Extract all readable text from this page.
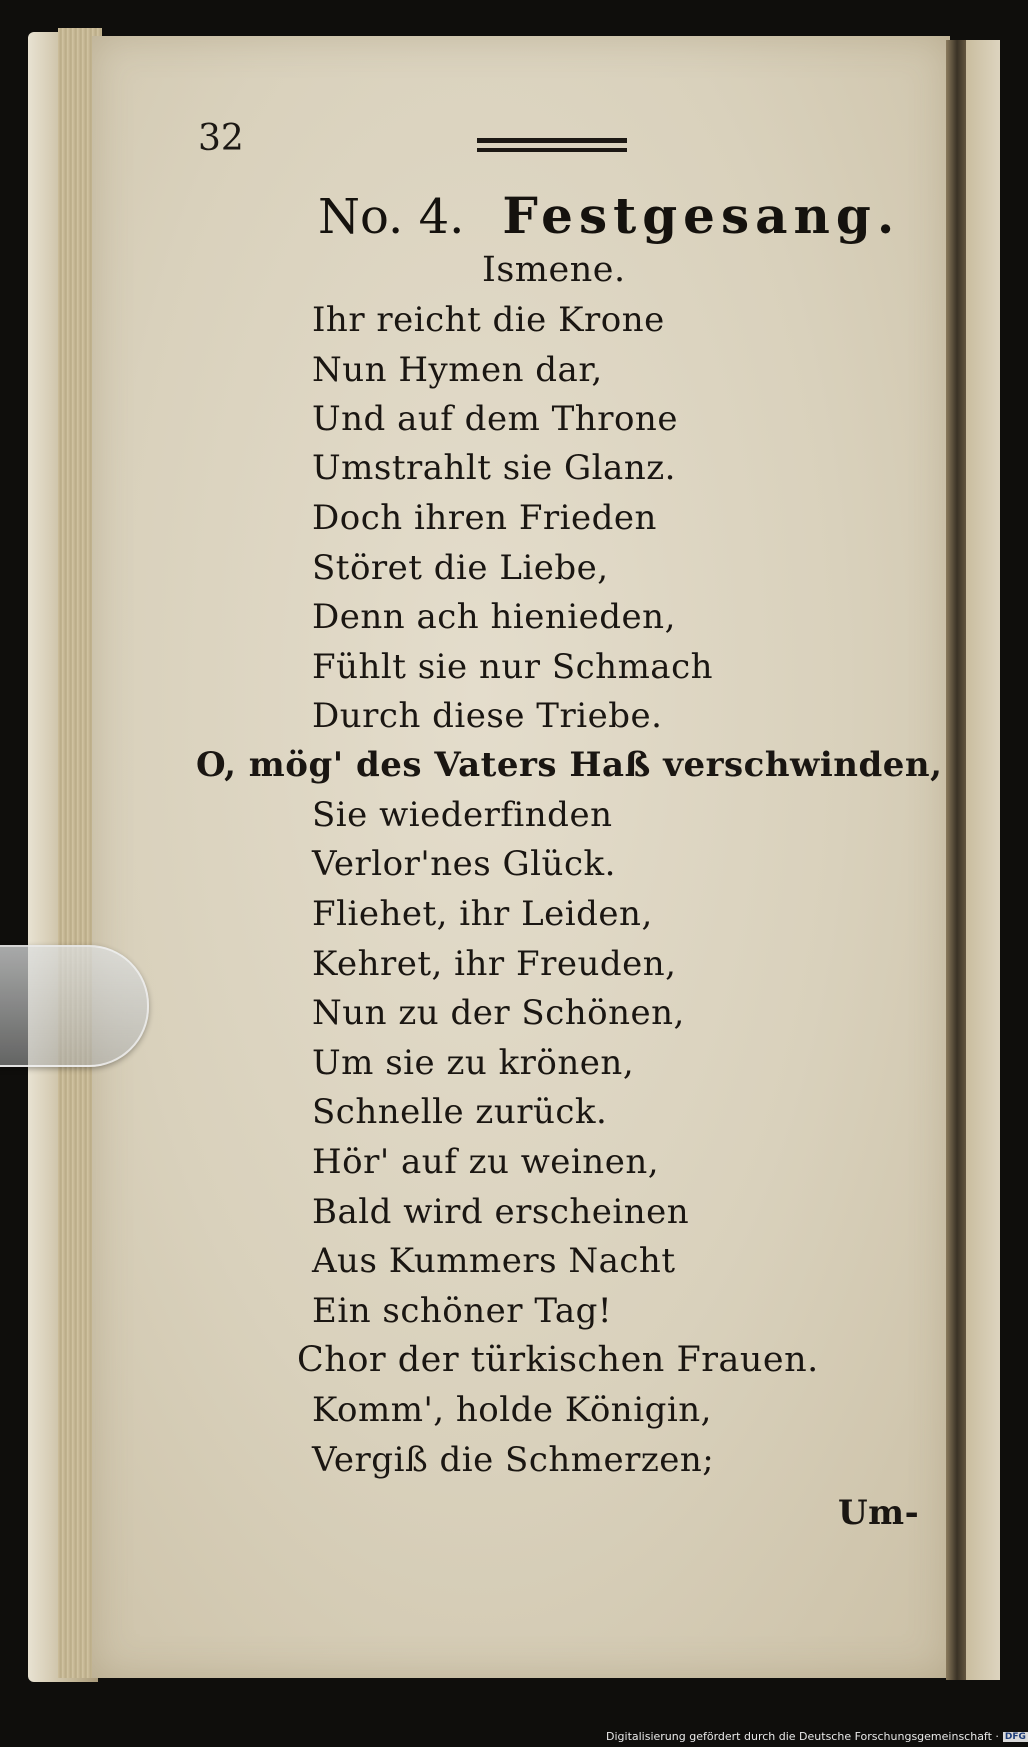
32

No. 4. Festgesang.

Ismene.

Ihr reicht die Krone

Nun Hymen dar,

Und auf dem Throne

Umstrahlt sie Glanz.

Doch ihren Frieden

Störet die Liebe,

Denn ach hienieden,

Fühlt sie nur Schmach

Durch diese Triebe.

O, mög' des Vaters Haß verschwinden,

Sie wiederfinden

Verlor'nes Glück.

Fliehet, ihr Leiden,

Kehret, ihr Freuden,

Nun zu der Schönen,

Um sie zu krönen,

Schnelle zurück.

Hör' auf zu weinen,

Bald wird erscheinen

Aus Kummers Nacht

Ein schöner Tag!

Chor der türkischen Frauen.

Komm', holde Königin,

Vergiß die Schmerzen;

Um-

Digitalisierung gefördert durch die Deutsche Forschungsgemeinschaft · DFG
